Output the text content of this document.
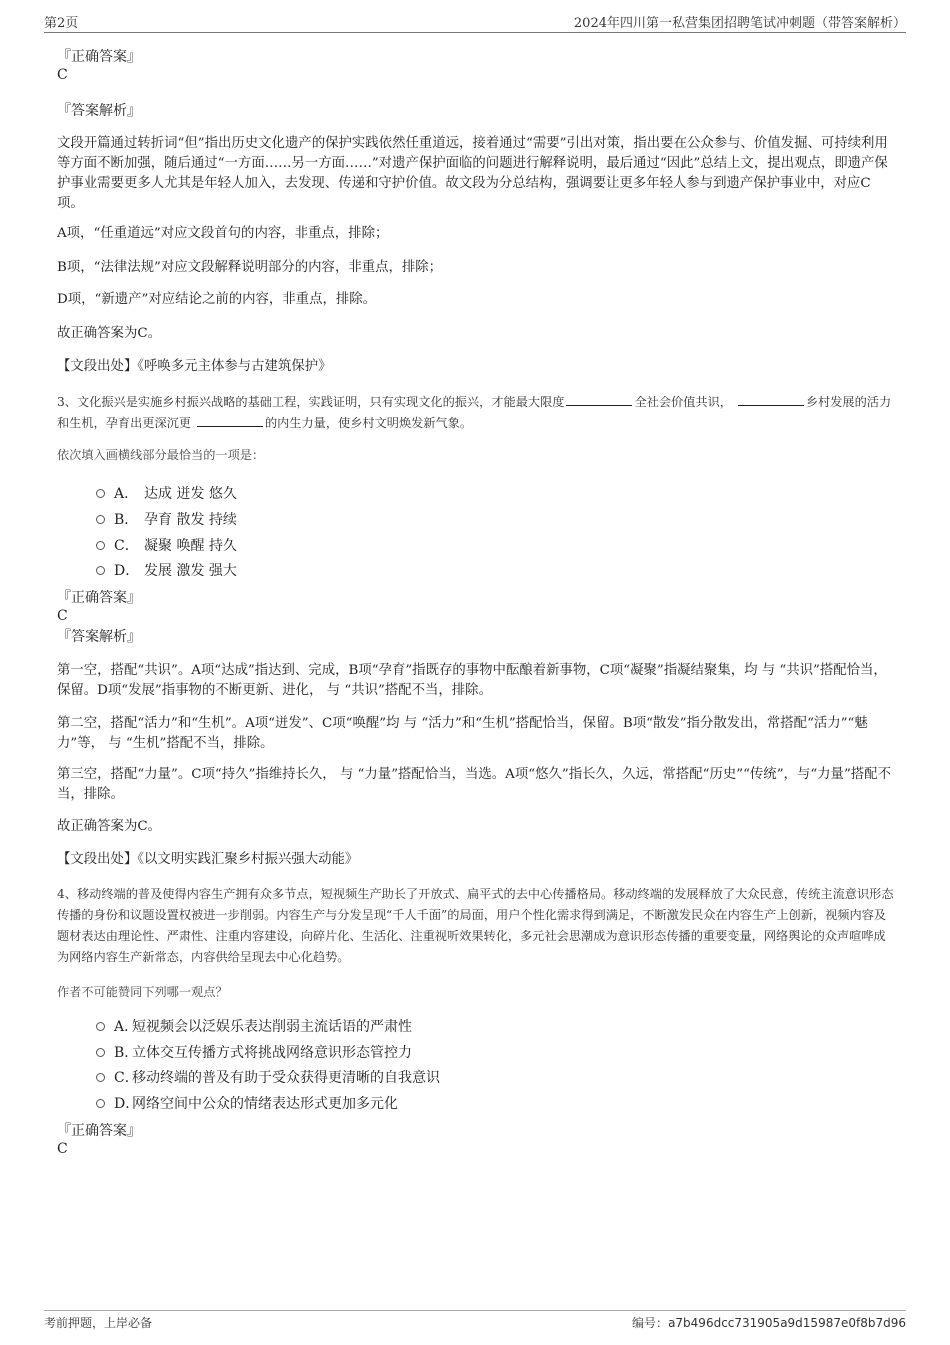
第2页	2024年四川第一私营集团招聘笔试冲刺题（带答案解析）
『正确答案』
C
『答案解析』
文段开篇通过转折词“但”指出历史文化遗产的保护实践依然任重道远，接着通过“需要”引出对策，指出要在公众参与、价值发掘、可持续利用等方面不断加强，随后通过“一方面……另一方面……”对遗产保护面临的问题进行解释说明，最后通过“因此”总结上文，提出观点，即遗产保护事业需要更多人尤其是年轻人加入，去发现、传递和守护价值。故文段为分总结构，强调要让更多年轻人参与到遗产保护事业中，对应C项。
A项，“任重道远”对应文段首句的内容，非重点，排除；
B项，“法律法规”对应文段解释说明部分的内容，非重点，排除；
D项，“新遗产”对应结论之前的内容，非重点，排除。
故正确答案为C。
【文段出处】《呼唤多元主体参与古建筑保护》
3、文化振兴是实施乡村振兴战略的基础工程，实践证明，只有实现文化的振兴，才能最大限度	全社会价值共识，	乡村发展的活力和生机，孕育出更深沉更	的内生力量，使乡村文明焕发新气象。
依次填入画横线部分最恰当的一项是：
A． 达成 迸发 悠久
B． 孕育 散发 持续
C． 凝聚 唤醒 持久
D． 发展 激发 强大
『正确答案』
C
『答案解析』
第一空，搭配“共识”。A项“达成”指达到、完成，B项“孕育”指既存的事物中酝酿着新事物，C项“凝聚”指凝结聚集，均 与 “共识”搭配恰当，保留。D项“发展”指事物的不断更新、进化， 与 “共识”搭配不当，排除。
第二空，搭配“活力”和“生机”。A项“迸发”、C项“唤醒”均 与 “活力”和“生机”搭配恰当，保留。B项“散发”指分散发出，常搭配“活力”“魅力”等， 与 “生机”搭配不当，排除。
第三空，搭配“力量”。C项“持久”指维持长久， 与 “力量”搭配恰当，当选。A项“悠久”指长久，久远，常搭配“历史”“传统”，与“力量”搭配不当，排除。
故正确答案为C。
【文段出处】《以文明实践汇聚乡村振兴强大动能》
4、移动终端的普及使得内容生产拥有众多节点，短视频生产助长了开放式、扁平式的去中心传播格局。移动终端的发展释放了大众民意，传统主流意识形态传播的身份和议题设置权被进一步削弱。内容生产与分发呈现“千人千面”的局面，用户个性化需求得到满足，不断激发民众在内容生产上创新，视频内容及题材表达由理论性、严肃性、注重内容建设，向碎片化、生活化、注重视听效果转化，多元社会思潮成为意识形态传播的重要变量，网络舆论的众声喧哗成为网络内容生产新常态，内容供给呈现去中心化趋势。
作者不可能赞同下列哪一观点？
A．
短视频会以泛娱乐表达削弱主流话语的严肃性
B．
立体交互传播方式将挑战网络意识形态管控力
C．
移动终端的普及有助于受众获得更清晰的自我意识
D．
网络空间中公众的情绪表达形式更加多元化
『正确答案』
C
考前押题，上岸必备	编号：a7b496dcc731905a9d15987e0f8b7d96
